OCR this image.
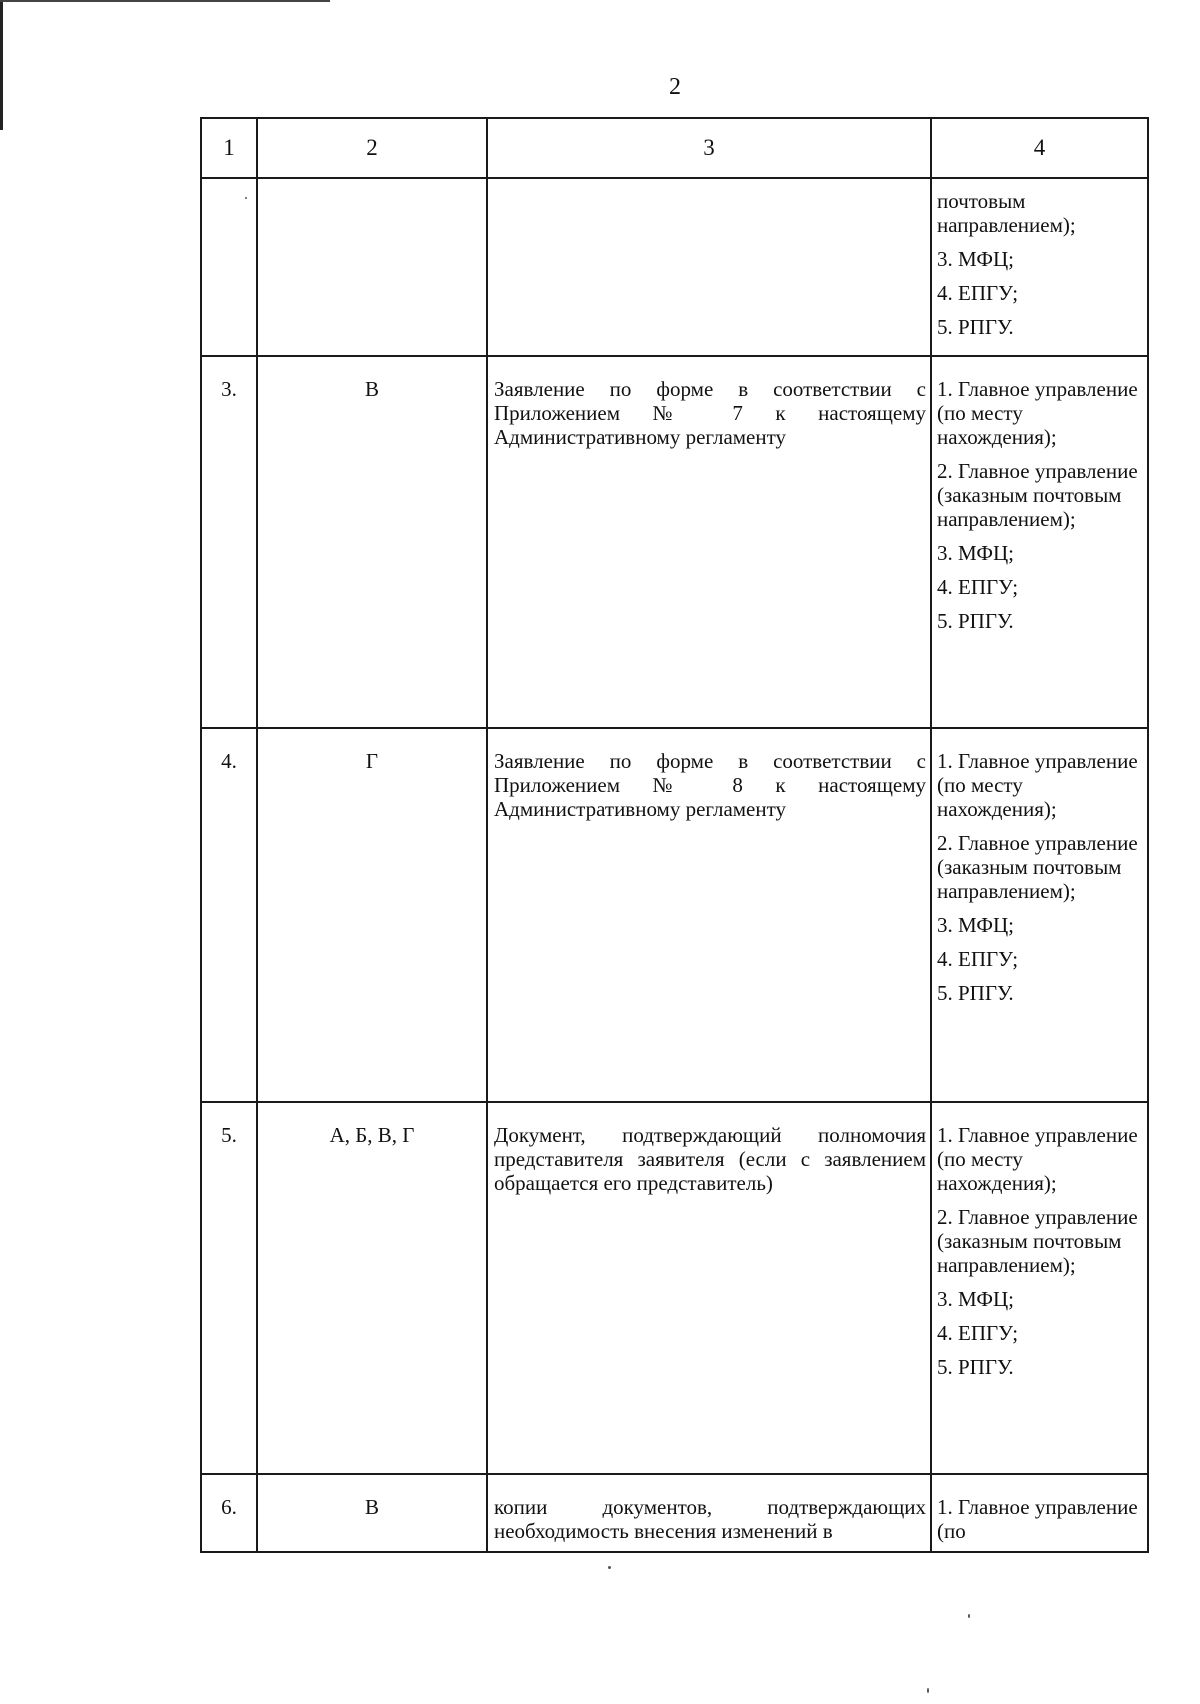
2
1	2	3	4

			почтовым направлением);

3. МФЦ;

4. ЕПГУ;

5. РПГУ.

3.	В	Заявление по форме в соответствии с Приложением № 7 к настоящему Административному регламенту	1. Главное управление (по месту нахождения);

2. Главное управление (заказным почтовым направлением);

3. МФЦ;

4. ЕПГУ;

5. РПГУ.

4.	Г	Заявление по форме в соответствии с Приложением № 8 к настоящему Административному регламенту	1. Главное управление (по месту нахождения);

2. Главное управление (заказным почтовым направлением);

3. МФЦ;

4. ЕПГУ;

5. РПГУ.

5.	А, Б, В, Г	Документ, подтверждающий полномочия представителя заявителя (если с заявлением обращается его представитель)	1. Главное управление (по месту нахождения);

2. Главное управление (заказным почтовым направлением);

3. МФЦ;

4. ЕПГУ;

5. РПГУ.

6.	В	копии документов, подтверждающих необходимость внесения изменений в	1. Главное управление (по
